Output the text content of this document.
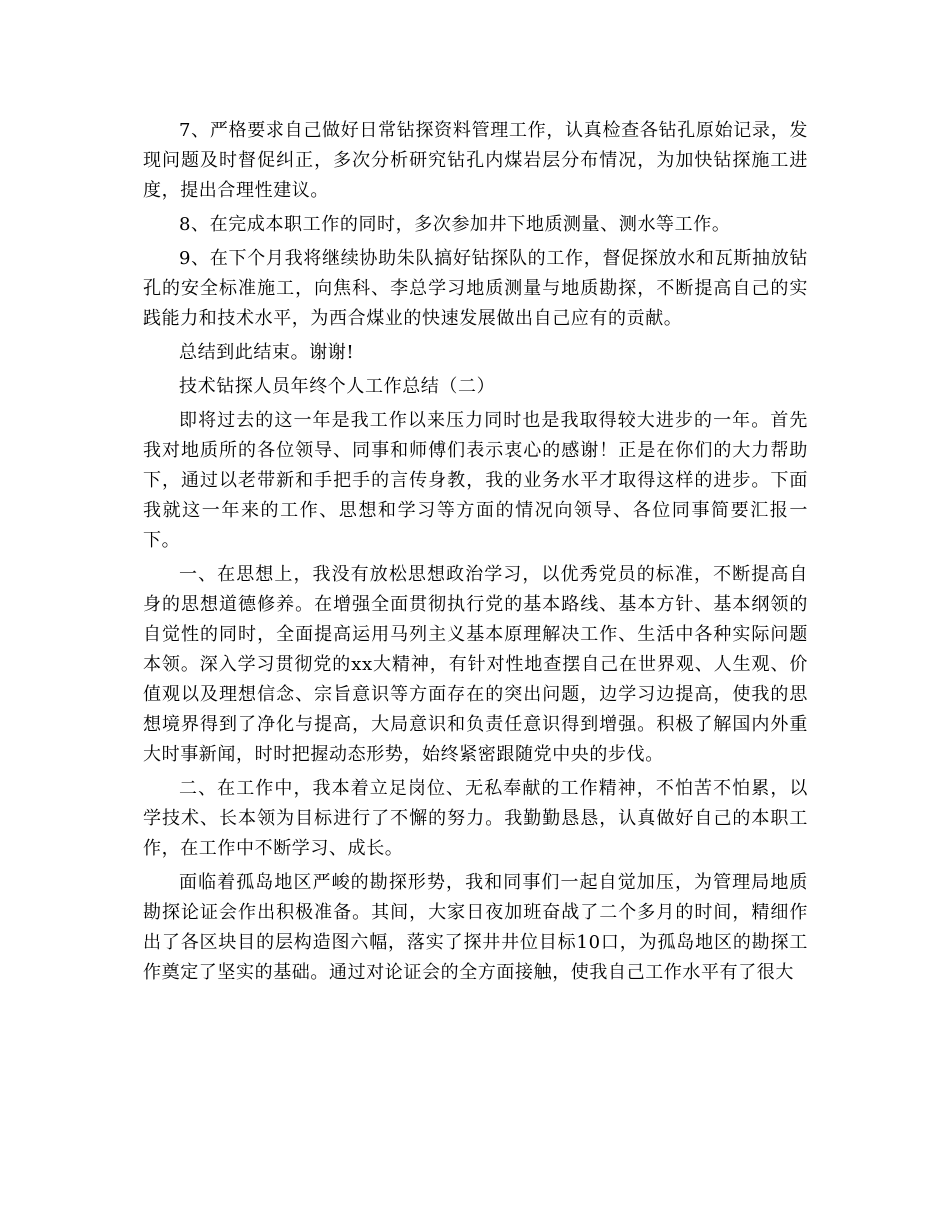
7、严格要求自己做好日常钻探资料管理工作，认真检查各钻孔原始记录，发现问题及时督促纠正，多次分析研究钻孔内煤岩层分布情况，为加快钻探施工进度，提出合理性建议。

8、在完成本职工作的同时，多次参加井下地质测量、测水等工作。

9、在下个月我将继续协助朱队搞好钻探队的工作，督促探放水和瓦斯抽放钻孔的安全标准施工，向焦科、李总学习地质测量与地质勘探，不断提高自己的实践能力和技术水平，为西合煤业的快速发展做出自己应有的贡献。

总结到此结束。谢谢!

技术钻探人员年终个人工作总结（二）

即将过去的这一年是我工作以来压力同时也是我取得较大进步的一年。首先我对地质所的各位领导、同事和师傅们表示衷心的感谢！正是在你们的大力帮助下，通过以老带新和手把手的言传身教，我的业务水平才取得这样的进步。下面我就这一年来的工作、思想和学习等方面的情况向领导、各位同事简要汇报一下。

一、在思想上，我没有放松思想政治学习，以优秀党员的标准，不断提高自身的思想道德修养。在增强全面贯彻执行党的基本路线、基本方针、基本纲领的自觉性的同时，全面提高运用马列主义基本原理解决工作、生活中各种实际问题本领。深入学习贯彻党的xx大精神，有针对性地查摆自己在世界观、人生观、价值观以及理想信念、宗旨意识等方面存在的突出问题，边学习边提高，使我的思想境界得到了净化与提高，大局意识和负责任意识得到增强。积极了解国内外重大时事新闻，时时把握动态形势，始终紧密跟随党中央的步伐。

二、在工作中，我本着立足岗位、无私奉献的工作精神，不怕苦不怕累，以学技术、长本领为目标进行了不懈的努力。我勤勤恳恳，认真做好自己的本职工作，在工作中不断学习、成长。

面临着孤岛地区严峻的勘探形势，我和同事们一起自觉加压，为管理局地质勘探论证会作出积极准备。其间，大家日夜加班奋战了二个多月的时间，精细作出了各区块目的层构造图六幅，落实了探井井位目标10口，为孤岛地区的勘探工作奠定了坚实的基础。通过对论证会的全方面接触，使我自己工作水平有了很大
